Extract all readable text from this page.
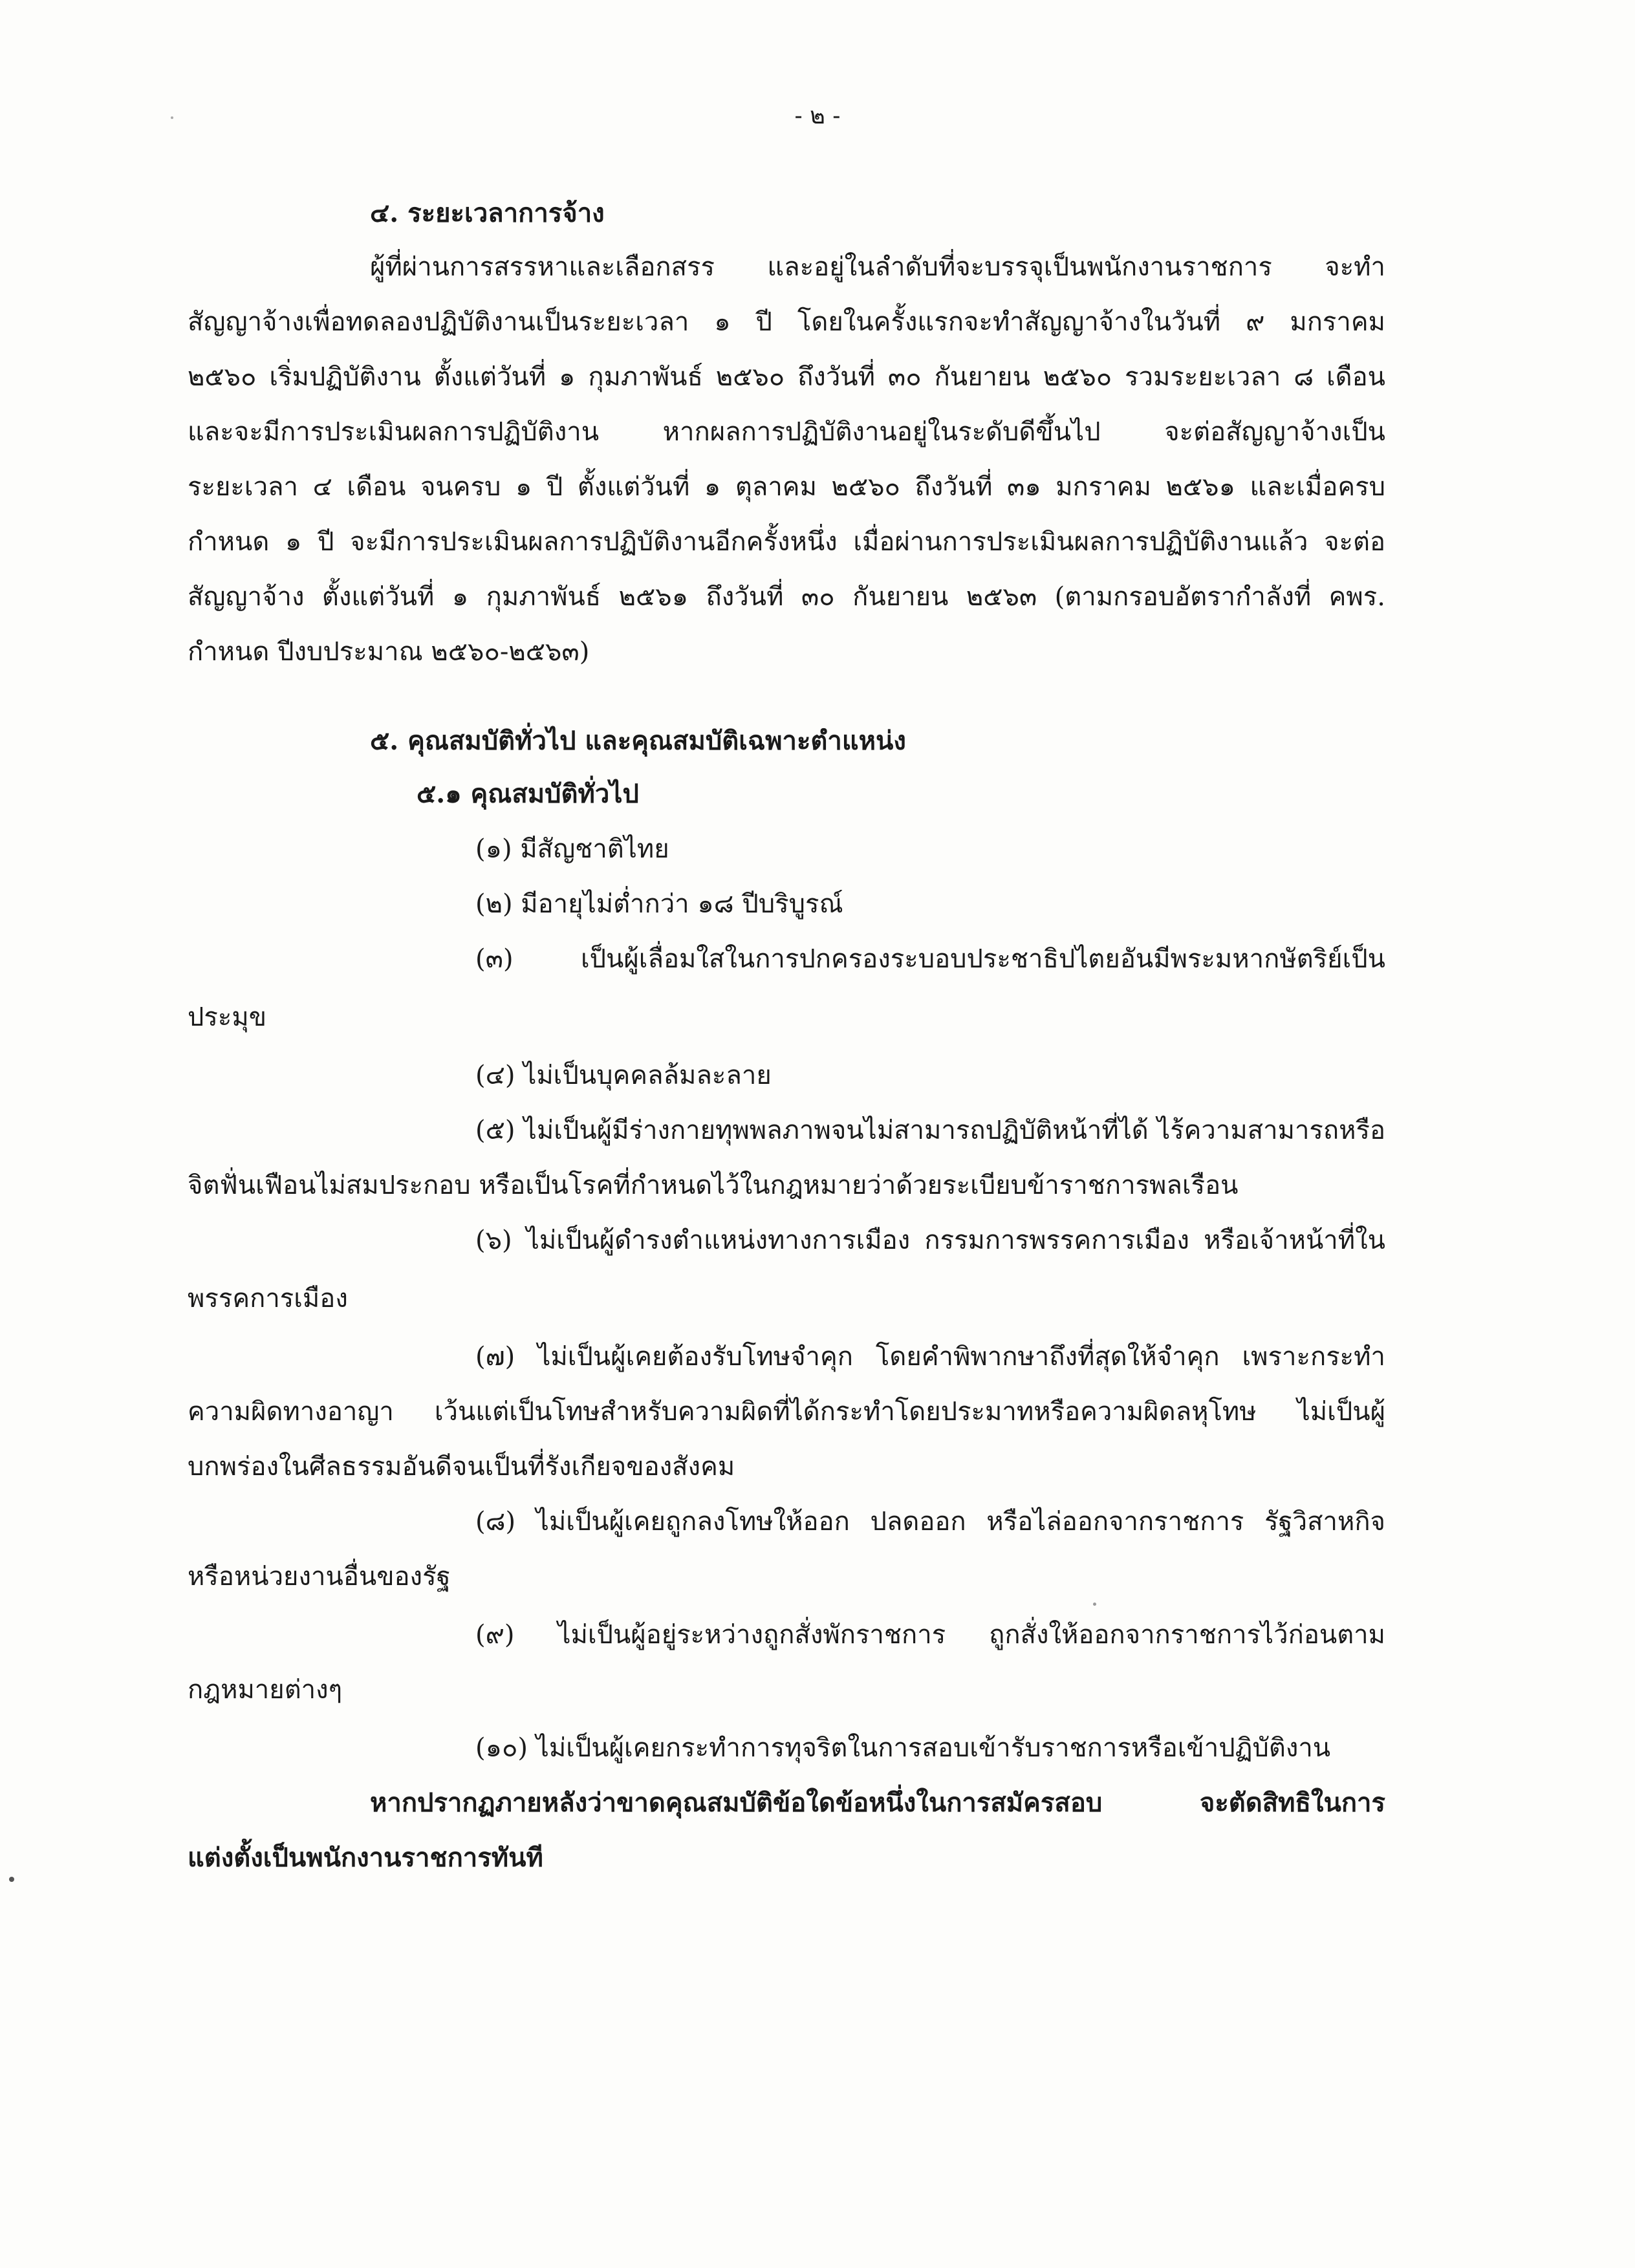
- ๒ -
๔. ระยะเวลาการจ้าง
ผู้ที่ผ่านการสรรหาและเลือกสรร และอยู่ในลำดับที่จะบรรจุเป็นพนักงานราชการ จะทำ
สัญญาจ้างเพื่อทดลองปฏิบัติงานเป็นระยะเวลา ๑ ปี โดยในครั้งแรกจะทำสัญญาจ้างในวันที่ ๙ มกราคม
๒๕๖๐ เริ่มปฏิบัติงาน ตั้งแต่วันที่ ๑ กุมภาพันธ์ ๒๕๖๐ ถึงวันที่ ๓๐ กันยายน ๒๕๖๐ รวมระยะเวลา ๘ เดือน
และจะมีการประเมินผลการปฏิบัติงาน หากผลการปฏิบัติงานอยู่ในระดับดีขึ้นไป จะต่อสัญญาจ้างเป็น
ระยะเวลา ๔ เดือน จนครบ ๑ ปี ตั้งแต่วันที่ ๑ ตุลาคม ๒๕๖๐ ถึงวันที่ ๓๑ มกราคม ๒๕๖๑ และเมื่อครบ
กำหนด ๑ ปี จะมีการประเมินผลการปฏิบัติงานอีกครั้งหนึ่ง เมื่อผ่านการประเมินผลการปฏิบัติงานแล้ว จะต่อ
สัญญาจ้าง ตั้งแต่วันที่ ๑ กุมภาพันธ์ ๒๕๖๑ ถึงวันที่ ๓๐ กันยายน ๒๕๖๓ (ตามกรอบอัตรากำลังที่ คพร.
กำหนด ปีงบประมาณ ๒๕๖๐-๒๕๖๓)
๕. คุณสมบัติทั่วไป และคุณสมบัติเฉพาะตำแหน่ง
๕.๑ คุณสมบัติทั่วไป
(๑) มีสัญชาติไทย
(๒) มีอายุไม่ต่ำกว่า ๑๘ ปีบริบูรณ์
(๓) เป็นผู้เลื่อมใสในการปกครองระบอบประชาธิปไตยอันมีพระมหากษัตริย์เป็น
ประมุข
(๔) ไม่เป็นบุคคลล้มละลาย
(๕) ไม่เป็นผู้มีร่างกายทุพพลภาพจนไม่สามารถปฏิบัติหน้าที่ได้ ไร้ความสามารถหรือ
จิตฟั่นเฟือนไม่สมประกอบ หรือเป็นโรคที่กำหนดไว้ในกฎหมายว่าด้วยระเบียบข้าราชการพลเรือน
(๖) ไม่เป็นผู้ดำรงตำแหน่งทางการเมือง กรรมการพรรคการเมือง หรือเจ้าหน้าที่ใน
พรรคการเมือง
(๗) ไม่เป็นผู้เคยต้องรับโทษจำคุก โดยคำพิพากษาถึงที่สุดให้จำคุก เพราะกระทำ
ความผิดทางอาญา เว้นแต่เป็นโทษสำหรับความผิดที่ได้กระทำโดยประมาทหรือความผิดลหุโทษ ไม่เป็นผู้
บกพร่องในศีลธรรมอันดีจนเป็นที่รังเกียจของสังคม
(๘) ไม่เป็นผู้เคยถูกลงโทษให้ออก ปลดออก หรือไล่ออกจากราชการ รัฐวิสาหกิจ
หรือหน่วยงานอื่นของรัฐ
(๙) ไม่เป็นผู้อยู่ระหว่างถูกสั่งพักราชการ ถูกสั่งให้ออกจากราชการไว้ก่อนตาม
กฎหมายต่างๆ
(๑๐) ไม่เป็นผู้เคยกระทำการทุจริตในการสอบเข้ารับราชการหรือเข้าปฏิบัติงาน
หากปรากฏภายหลังว่าขาดคุณสมบัติข้อใดข้อหนึ่งในการสมัครสอบ จะตัดสิทธิในการ
แต่งตั้งเป็นพนักงานราชการทันที
